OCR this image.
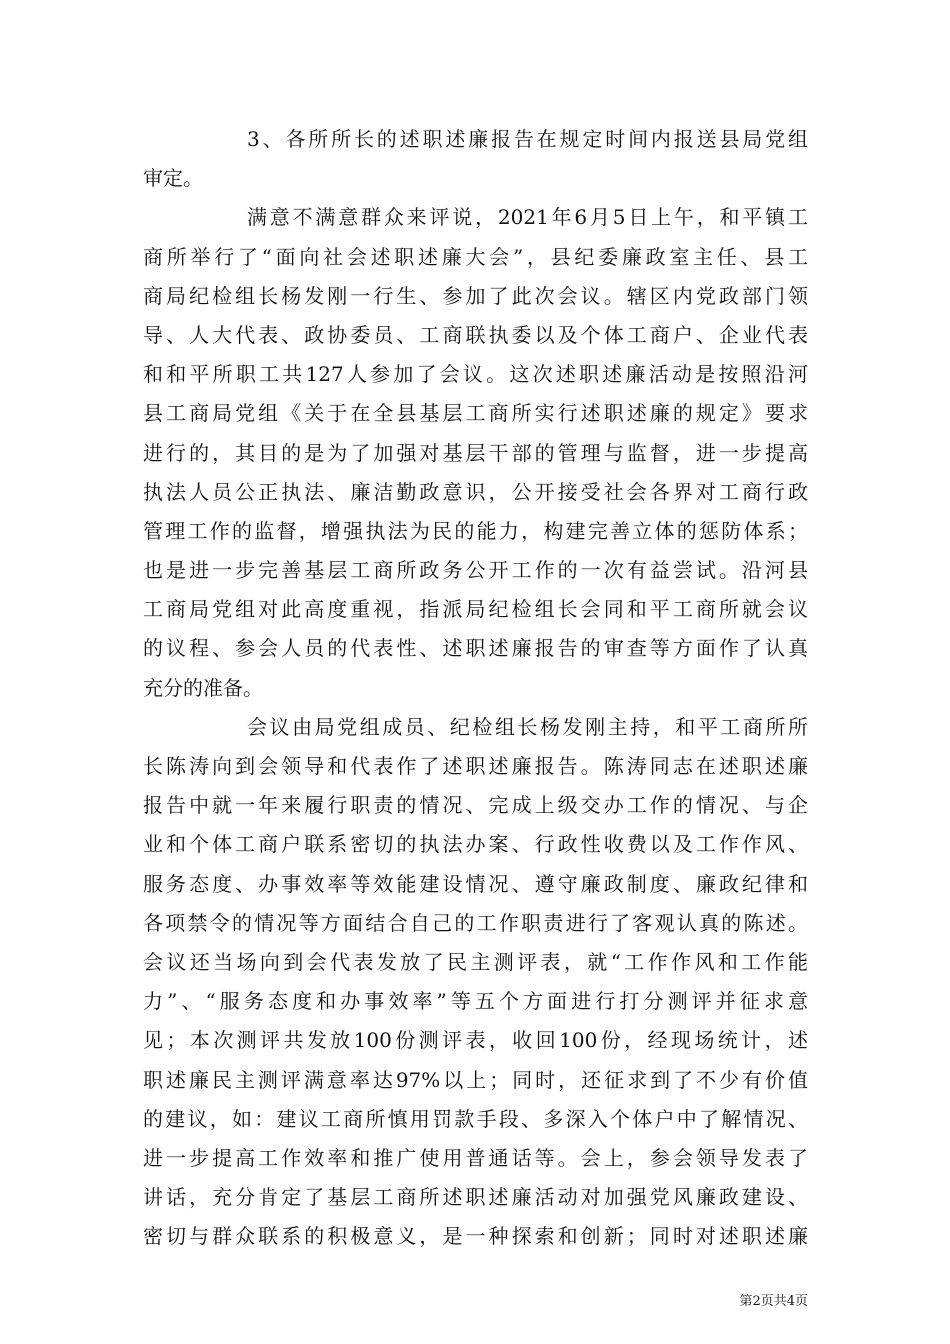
3、各所所长的述职述廉报告在规定时间内报送县局党组
审定。
满意不满意群众来评说，2021年6月5日上午，和平镇工
商所举行了“面向社会述职述廉大会”，县纪委廉政室主任、县工
商局纪检组长杨发刚一行生、参加了此次会议。辖区内党政部门领
导、人大代表、政协委员、工商联执委以及个体工商户、企业代表
和和平所职工共127人参加了会议。这次述职述廉活动是按照沿河
县工商局党组《关于在全县基层工商所实行述职述廉的规定》要求
进行的，其目的是为了加强对基层干部的管理与监督，进一步提高
执法人员公正执法、廉洁勤政意识，公开接受社会各界对工商行政
管理工作的监督，增强执法为民的能力，构建完善立体的惩防体系；
也是进一步完善基层工商所政务公开工作的一次有益尝试。沿河县
工商局党组对此高度重视，指派局纪检组长会同和平工商所就会议
的议程、参会人员的代表性、述职述廉报告的审查等方面作了认真
充分的准备。
会议由局党组成员、纪检组长杨发刚主持，和平工商所所
长陈涛向到会领导和代表作了述职述廉报告。陈涛同志在述职述廉
报告中就一年来履行职责的情况、完成上级交办工作的情况、与企
业和个体工商户联系密切的执法办案、行政性收费以及工作作风、
服务态度、办事效率等效能建设情况、遵守廉政制度、廉政纪律和
各项禁令的情况等方面结合自己的工作职责进行了客观认真的陈述。
会议还当场向到会代表发放了民主测评表，就“工作作风和工作能
力”、“服务态度和办事效率”等五个方面进行打分测评并征求意
见；本次测评共发放100份测评表，收回100份，经现场统计，述
职述廉民主测评满意率达97%以上；同时，还征求到了不少有价值
的建议，如：建议工商所慎用罚款手段、多深入个体户中了解情况、
进一步提高工作效率和推广使用普通话等。会上，参会领导发表了
讲话，充分肯定了基层工商所述职述廉活动对加强党风廉政建设、
密切与群众联系的积极意义，是一种探索和创新；同时对述职述廉
第2页共4页
